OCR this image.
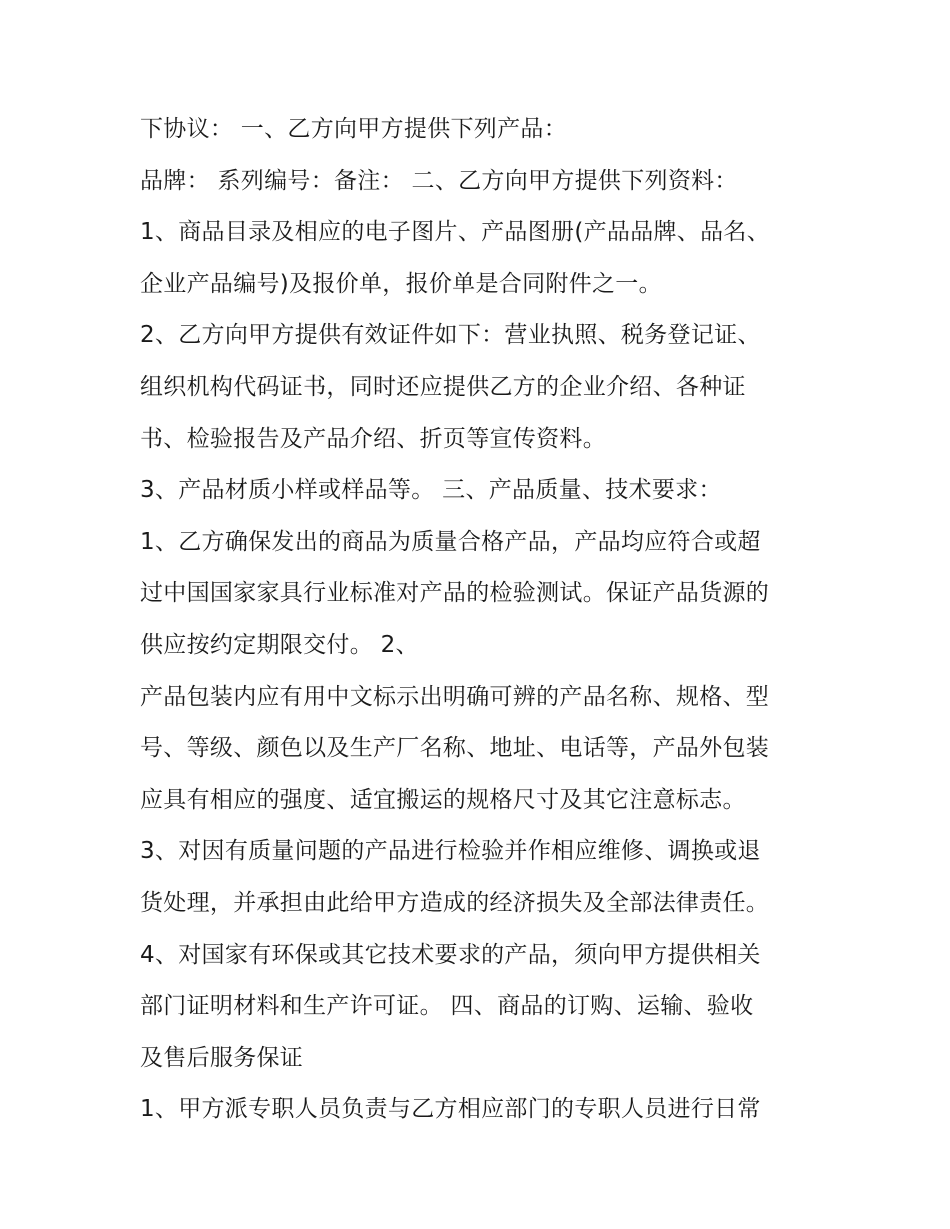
下协议： 一、乙方向甲方提供下列产品：
品牌： 系列编号：备注： 二、乙方向甲方提供下列资料：
1、商品目录及相应的电子图片、产品图册(产品品牌、品名、
企业产品编号)及报价单，报价单是合同附件之一。
2、乙方向甲方提供有效证件如下：营业执照、税务登记证、
组织机构代码证书，同时还应提供乙方的企业介绍、各种证
书、检验报告及产品介绍、折页等宣传资料。
3、产品材质小样或样品等。 三、产品质量、技术要求：
1、乙方确保发出的商品为质量合格产品，产品均应符合或超
过中国国家家具行业标准对产品的检验测试。保证产品货源的
供应按约定期限交付。 2、
产品包装内应有用中文标示出明确可辨的产品名称、规格、型
号、等级、颜色以及生产厂名称、地址、电话等，产品外包装
应具有相应的强度、适宜搬运的规格尺寸及其它注意标志。
3、对因有质量问题的产品进行检验并作相应维修、调换或退
货处理，并承担由此给甲方造成的经济损失及全部法律责任。
4、对国家有环保或其它技术要求的产品，须向甲方提供相关
部门证明材料和生产许可证。 四、商品的订购、运输、验收
及售后服务保证
1、甲方派专职人员负责与乙方相应部门的专职人员进行日常
